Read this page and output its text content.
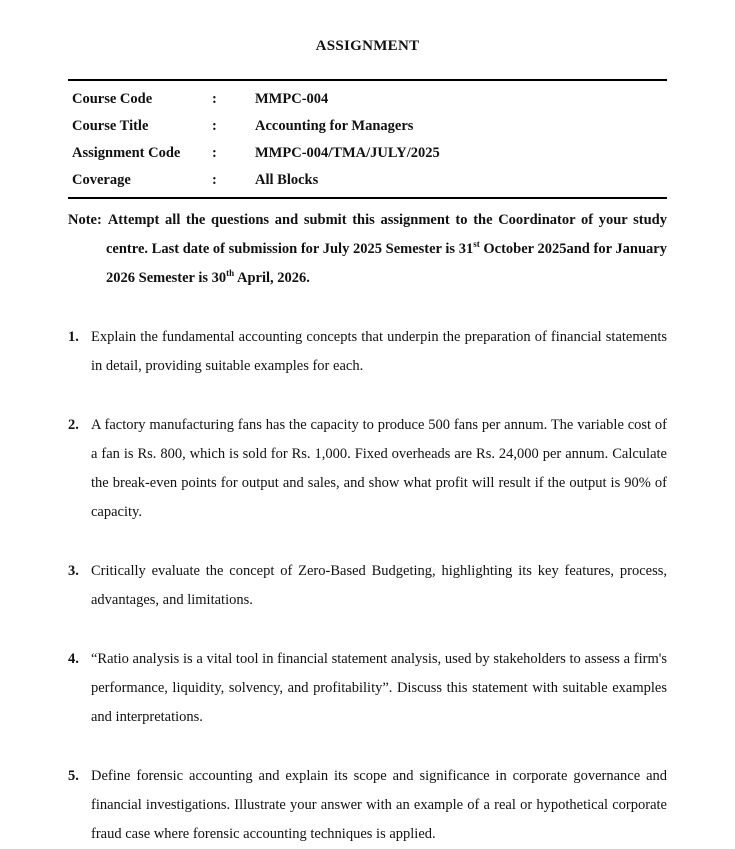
ASSIGNMENT
Course Code	:	MMPC-004
Course Title	:	Accounting for Managers
Assignment Code	:	MMPC-004/TMA/JULY/2025
Coverage	:	All Blocks

Note: Attempt all the questions and submit this assignment to the Coordinator of your study centre. Last date of submission for July 2025 Semester is 31st October 2025and for January 2026 Semester is 30th April, 2026.

1. Explain the fundamental accounting concepts that underpin the preparation of financial statements in detail, providing suitable examples for each.
2. A factory manufacturing fans has the capacity to produce 500 fans per annum. The variable cost of a fan is Rs. 800, which is sold for Rs. 1,000. Fixed overheads are Rs. 24,000 per annum. Calculate the break-even points for output and sales, and show what profit will result if the output is 90% of capacity.
3. Critically evaluate the concept of Zero-Based Budgeting, highlighting its key features, process, advantages, and limitations.
4. “Ratio analysis is a vital tool in financial statement analysis, used by stakeholders to assess a firm's performance, liquidity, solvency, and profitability”. Discuss this statement with suitable examples and interpretations.
5. Define forensic accounting and explain its scope and significance in corporate governance and financial investigations. Illustrate your answer with an example of a real or hypothetical corporate fraud case where forensic accounting techniques is applied.
